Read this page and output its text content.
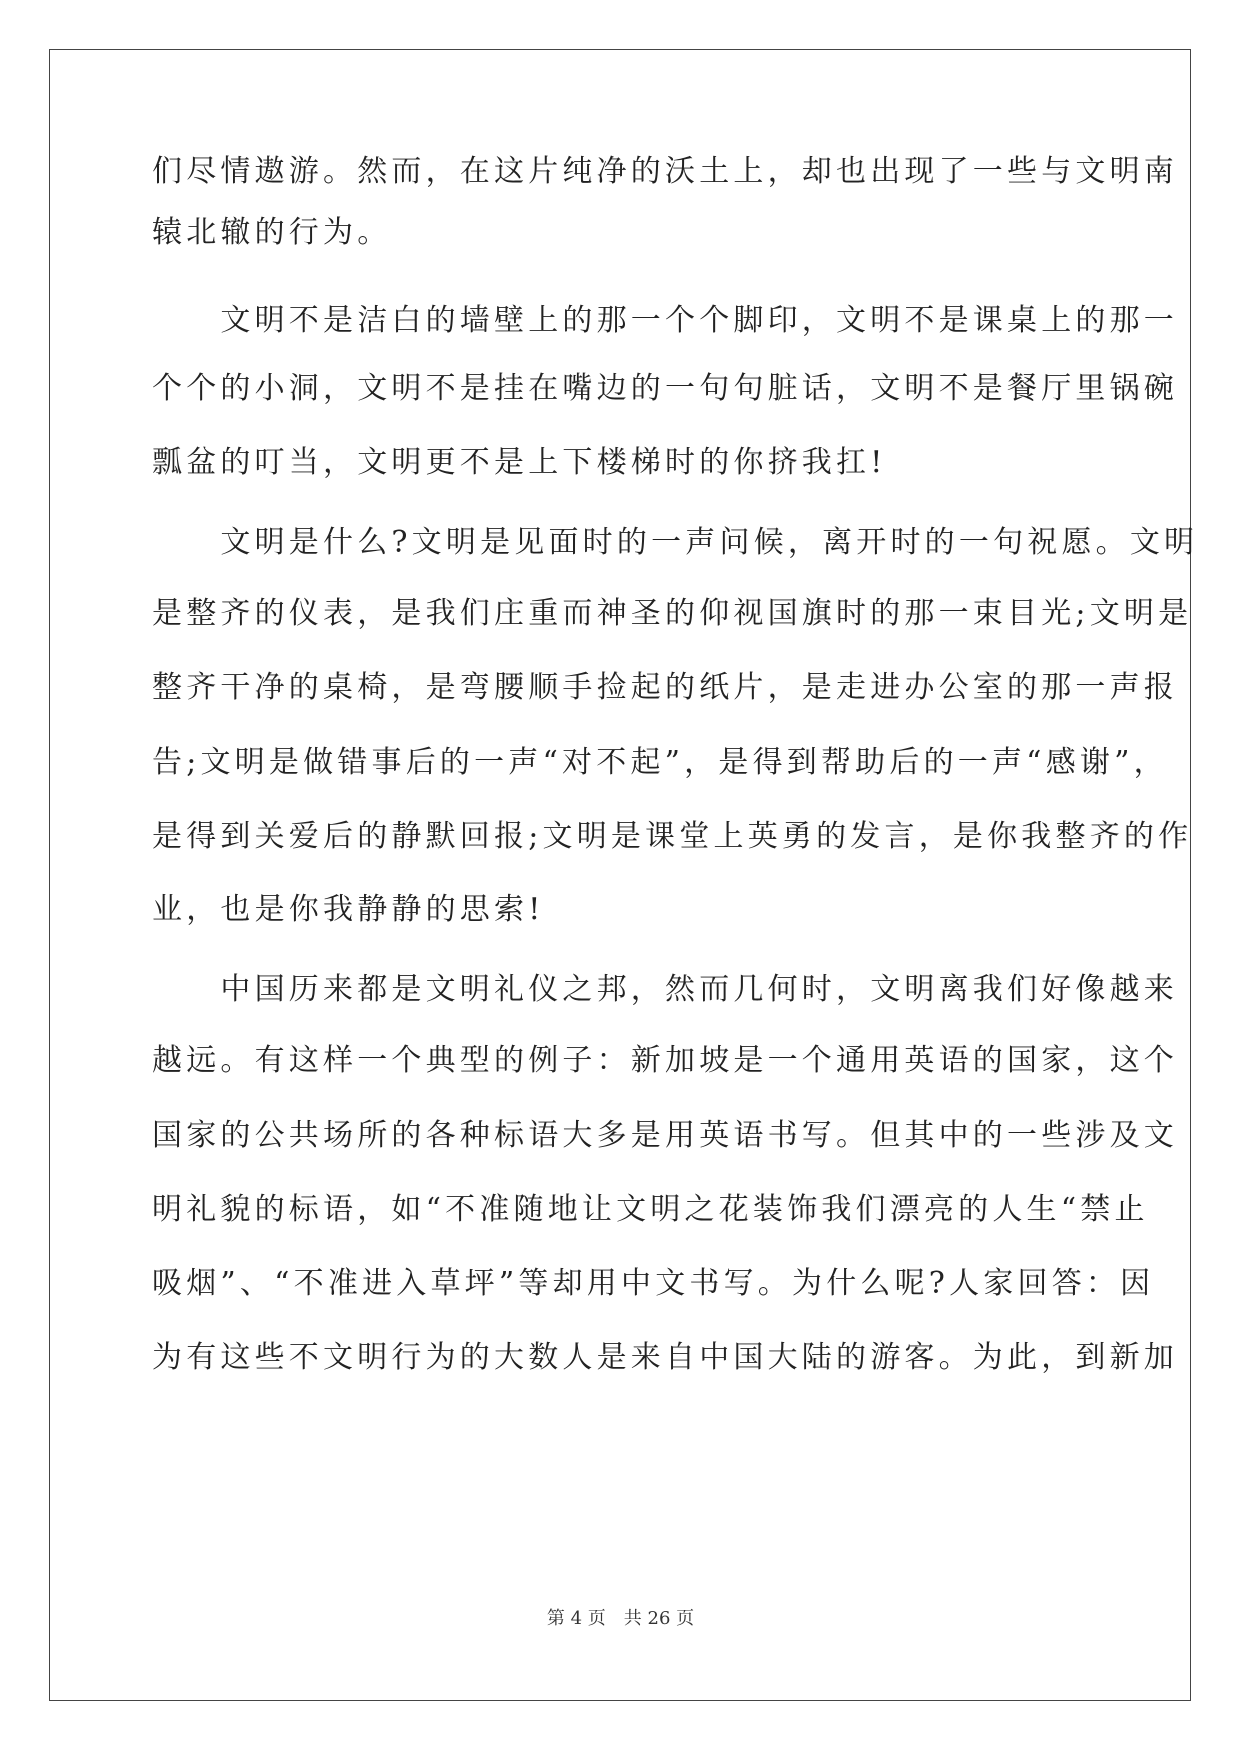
们尽情遨游。然而，在这片纯净的沃土上，却也出现了一些与文明南
辕北辙的行为。
　　文明不是洁白的墙壁上的那一个个脚印，文明不是课桌上的那一
个个的小洞，文明不是挂在嘴边的一句句脏话，文明不是餐厅里锅碗
瓢盆的叮当，文明更不是上下楼梯时的你挤我扛!
　　文明是什么?文明是见面时的一声问候，离开时的一句祝愿。文明
是整齐的仪表，是我们庄重而神圣的仰视国旗时的那一束目光;文明是
整齐干净的桌椅，是弯腰顺手捡起的纸片，是走进办公室的那一声报
告;文明是做错事后的一声“对不起”，是得到帮助后的一声“感谢”，
是得到关爱后的静默回报;文明是课堂上英勇的发言，是你我整齐的作
业，也是你我静静的思索!
　　中国历来都是文明礼仪之邦，然而几何时，文明离我们好像越来
越远。有这样一个典型的例子：新加坡是一个通用英语的国家，这个
国家的公共场所的各种标语大多是用英语书写。但其中的一些涉及文
明礼貌的标语，如“不准随地让文明之花装饰我们漂亮的人生“禁止
吸烟”、“不准进入草坪”等却用中文书写。为什么呢?人家回答：因
为有这些不文明行为的大数人是来自中国大陆的游客。为此，到新加
第 4 页　共 26 页
